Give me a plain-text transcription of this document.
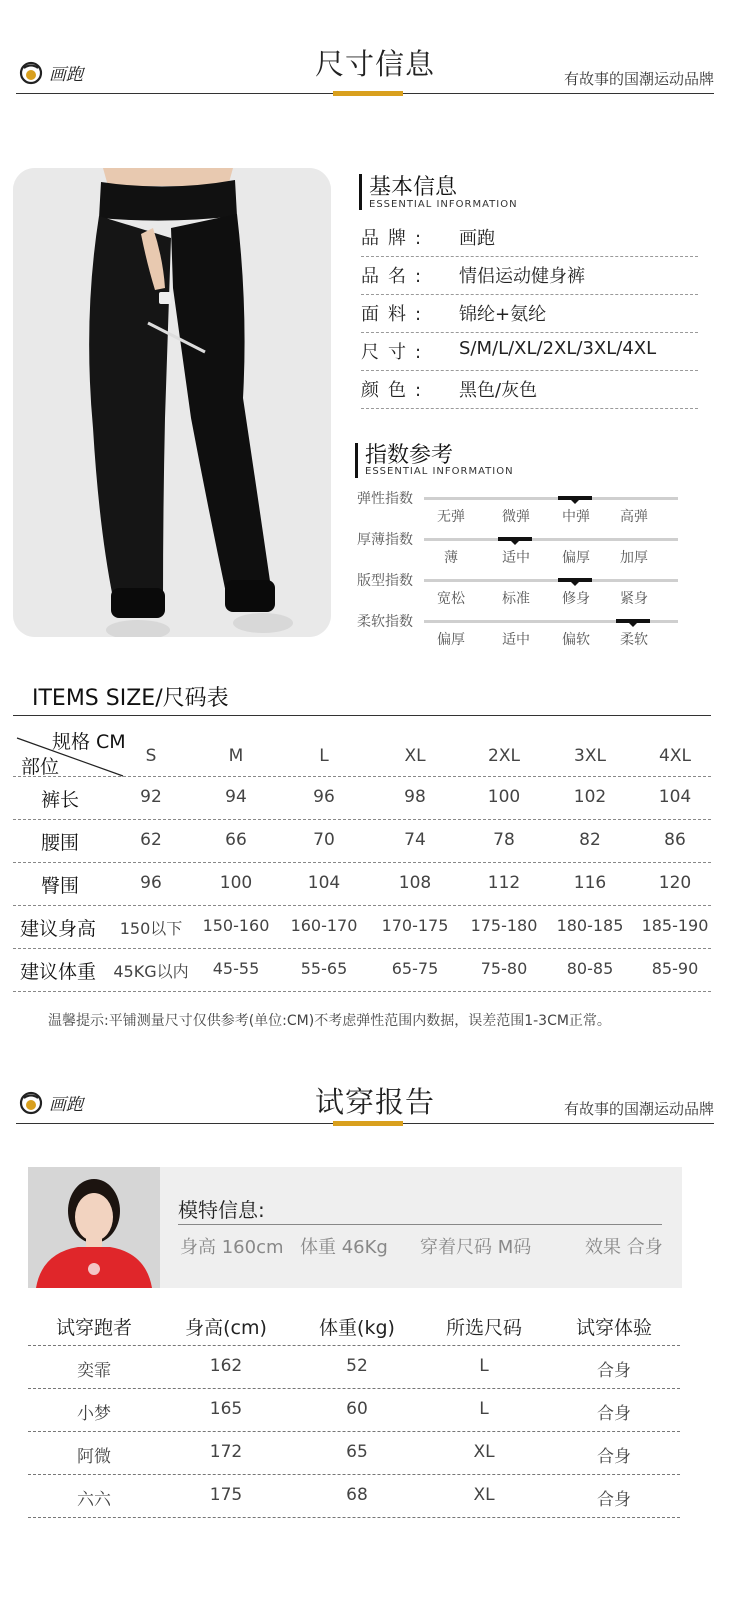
画跑	尺寸信息	有故事的国潮运动品牌
基本信息
ESSENTIAL INFORMATION
品牌: 画跑
品名: 情侣运动健身裤
面料: 锦纶+氨纶
尺寸: S/M/L/XL/2XL/3XL/4XL
颜色: 黑色/灰色
指数参考
ESSENTIAL INFORMATION
弹性指数
无弹	微弹 中弹 高弹
厚薄指数
薄	适中 偏厚 加厚
版型指数
宽松	标准 修身 紧身
柔软指数
偏厚	适中 偏软 柔软
ITEMS SIZE/尺码表
规格 CM
部位	S	M	L	XL	2XL	3XL	4XL
裤长	92	94	96	98	100	102	104
腰围	62	66	70	74	78	82	86
臀围	96	100	104	108	112	116	120
建议身高	150以下	150-160	160-170	170-175	175-180	180-185	185-190
建议体重	45KG以内	45-55	55-65	65-75	75-80	80-85	85-90
温馨提示:平铺测量尺寸仅供参考(单位:CM)不考虑弹性范围内数据，误差范围1-3CM正常。
画跑	试穿报告	有故事的国潮运动品牌
模特信息:
身高 160cm 体重 46Kg 穿着尺码 M码	效果 合身
试穿跑者	身高(cm)	体重(kg)	所选尺码	试穿体验
奕霏	162	52	L	合身
小梦	165	60	L	合身
阿微	172	65	XL	合身
六六	175	68	XL	合身
